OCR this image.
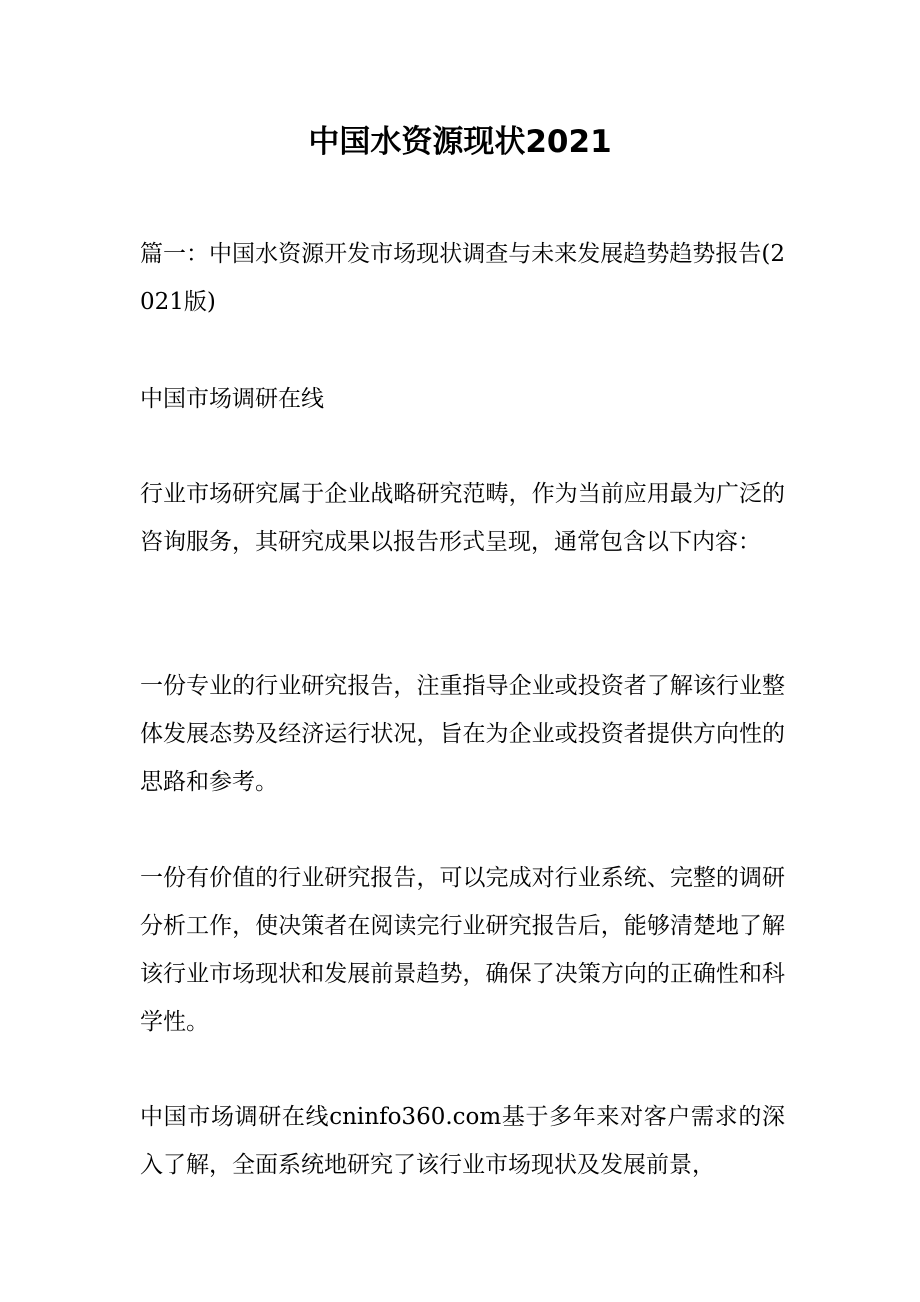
中国水资源现状2021

篇一：中国水资源开发市场现状调查与未来发展趋势趋势报告(2021版)

中国市场调研在线

行业市场研究属于企业战略研究范畴，作为当前应用最为广泛的咨询服务，其研究成果以报告形式呈现，通常包含以下内容：

一份专业的行业研究报告，注重指导企业或投资者了解该行业整体发展态势及经济运行状况，旨在为企业或投资者提供方向性的思路和参考。

一份有价值的行业研究报告，可以完成对行业系统、完整的调研分析工作，使决策者在阅读完行业研究报告后，能够清楚地了解该行业市场现状和发展前景趋势，确保了决策方向的正确性和科学性。

中国市场调研在线cninfo360.com基于多年来对客户需求的深入了解，全面系统地研究了该行业市场现状及发展前景，
